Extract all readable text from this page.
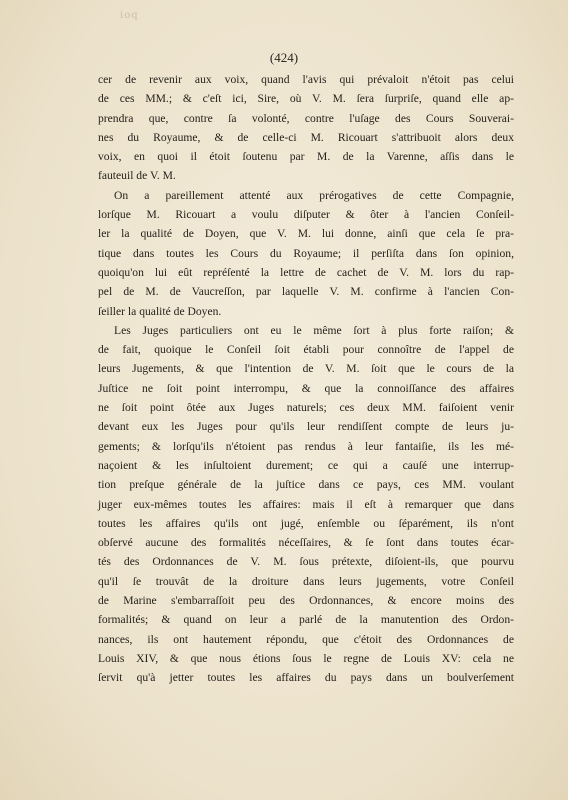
ioq
(424)
cer de revenir aux voix, quand l'avis qui prévaloit n'étoit pas celui
de ces MM.; & c'eſt ici, Sire, où V. M. ſera ſurpriſe, quand elle ap-
prendra que, contre ſa volonté, contre l'uſage des Cours Souverai-
nes du Royaume, & de celle-ci M. Ricouart s'attribuoit alors deux
voix, en quoi il étoit ſoutenu par M. de la Varenne, aſſis dans le
fauteuil de V. M.
On a pareillement attenté aux prérogatives de cette Compagnie,
lorſque M. Ricouart a voulu diſputer & ôter à l'ancien Conſeil-
ler la qualité de Doyen, que V. M. lui donne, ainſi que cela ſe pra-
tique dans toutes les Cours du Royaume; il perſiſta dans ſon opinion,
quoiqu'on lui eût repréſenté la lettre de cachet de V. M. lors du rap-
pel de M. de Vaucreſſon, par laquelle V. M. confirme à l'ancien Con-
ſeiller la qualité de Doyen.
Les Juges particuliers ont eu le même ſort à plus forte raiſon; &
de fait, quoique le Conſeil ſoit établi pour connoître de l'appel de
leurs Jugements, & que l'intention de V. M. ſoit que le cours de la
Juſtice ne ſoit point interrompu, & que la connoiſſance des affaires
ne ſoit point ôtée aux Juges naturels; ces deux MM. faiſoient venir
devant eux les Juges pour qu'ils leur rendiſſent compte de leurs ju-
gements; & lorſqu'ils n'étoient pas rendus à leur fantaiſie, ils les mé-
naçoient & les inſultoient durement; ce qui a cauſé une interrup-
tion preſque générale de la juſtice dans ce pays, ces MM. voulant
juger eux-mêmes toutes les affaires: mais il eſt à remarquer que dans
toutes les affaires qu'ils ont jugé, enſemble ou ſéparément, ils n'ont
obſervé aucune des formalités néceſſaires, & ſe ſont dans toutes écar-
tés des Ordonnances de V. M. ſous prétexte, diſoient-ils, que pourvu
qu'il ſe trouvât de la droiture dans leurs jugements, votre Conſeil
de Marine s'embarraſſoit peu des Ordonnances, & encore moins des
formalités; & quand on leur a parlé de la manutention des Ordon-
nances, ils ont hautement répondu, que c'étoit des Ordonnances de
Louis XIV, & que nous étions ſous le regne de Louis XV: cela ne
ſervit qu'à jetter toutes les affaires du pays dans un boulverſement
